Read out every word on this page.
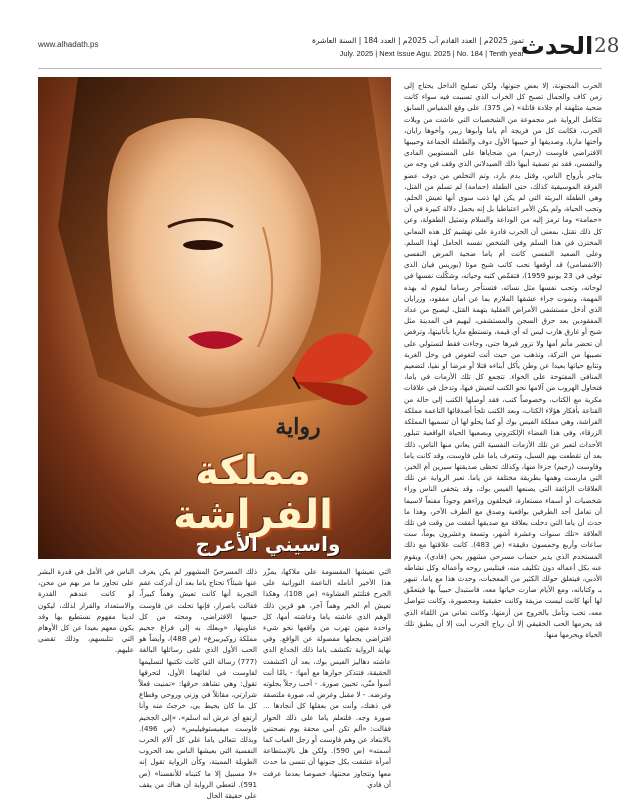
www.alhadath.ps	تموز 2025م | العدد القادم آب 2025م | العدد 184 | السنة العاشرة
July. 2025 | Next Issue Agu. 2025 | No. 184 | Tenth year
الحدث 28
رواية
مملكة الفراشة
واسيني الأعرج

الحرب المجنونة، إلا بعض جنونها، ولكن تصليح الداخل يحتاج إلى زمن كاف والجمال تصبح كل الخراب الذي تسببت فيه سواء كانت ضحية متلهفة أم جلادة قاتلة» (ص 375). على وقع المقياس السابق تتكامل الرواية عبر مجموعة من الشخصيات التي عاشت من ويلات الحرب، فكانت كل من فريجة أم ياما وأبوها زبير، وأخوها رايان، وأختها ماريا، وصديقها أو حبيبها الأول دوف والطفلة الجماعة وحبيبها الافتراضي فاوست (رحيم) من ضحاياها على المستويين المادي والنفسي، فقد تم تصفية أبيها ذلك الصيدلاني الذي وقف في وجه من يتاجر بأرواح الناس، وقتل بدم بارد، وتم التخلص من دوف عضو الفرقة الموسيقية كذلك، حتى الطفلة (حمامة) لم تسلم من القتل، وهي الطفلة البريئة التي لم يكن لها ذنب سوى أنها تعيش الحلم، وتحب الحياة، ولم يكن الأمر اعتباطيا بل إنه يحمل دلالة كبيرة في أن «حمامة» وما ترمز إليه من الوداعة والسلام وتمثيل الطفولة، وعن كل ذلك تقتل، بمعنى أن الحرب قادرة على تهشيم كل هذه المعاني المختزن في هذا السلم وفي الشخص نفسه الحامل لهذا السلم. وعلى الصعيد النفسي كانت أم ياما ضحية المرض النفسي (الانفصامي) قد أوقعها نحب كاتب شبح موتا (بوريس فيان الذي توفي في 23 يونيو 1959)، فتقمّص كتبه وحياته، وشكّلت نفسها في لوحاته، وتحب نفسها مثل نسائه، فتستأجر رساما ليقوم له بهذه المهمة، وتموت جراء عشقها الملازم بما عن أمان مفقود، وزرايان الذي أدخل مستشفى الأمراض العقلية بتهمة القتل، ليصبح من عداد المفقودين بعد حرق السجن والمستشفى، ليهيم في المدينة مثل شبح أو غارق هارب ليس له أي قيمة، وتستطع ماريا بأنانيتها، وترفض أن تحضر مأتم أمها ولا تزور قبرها حتى، وجاءت فقط لتستولي على نصيبها من التركة، وتذهب من حيث أتت لتغوص في وحل الغربة وتتابع حياتها بعيدا عن وطن يأكل أبناءه قتلا أو مرضا أو نفيا، لتضعيم المنافي المفتوحة على الخواء. تتجمع كل تلك الأزمات في ياما، فتحاول الهروب من آلامها نحو الكتب لتعيش فيها، وتدخل في علاقات مكرية مع الكتاب، وخصوصاً كتب، فقد أوصلها الكتب إلى حالة من القناعة بأفكار هؤلاء الكتاب، وبعد الكتب تلجأ أصدقائها الناعمة مملكة الفراشة، وهي مملكة الفيس بوك أو كما يحلو لها أن تسميها المملكة الزرقاء، وفي هذا الفضاء الإلكتروني وبصعبها الحياة الواقعية تتبلور الأحداث لتعبر عن تلك الأزمات النفسية التي يعاني منها الناس، ذلك بعد أن تقطعت بهم السبل، وتتعرف ياما على فاوست، وقد كانت ياما وفاوست (رحيم) جزءا منها، وكذلك تحظى صديقتها سيرين أم الخير، التي مارست وهمها بطريقة مختلفة عن ياما. تعبر الرواية عن تلك العلاقات الزائفة التي يصنعها الفيس بوك، وقد يتخفى الناس وراء شخصيات أو أسماء مستعارة، فيخلقون وراءهم وجوداً مقنعاً لاسيما أن تعامل أحد الطرفين بواقعية وصدق مع الطرف الآخر، وهذا ما حدث أن ياما التي دخلت بعلاقة مع صديقها أنفقت من وقت في تلك العلاقة «تلك سنوات وعشرة أشهر، وتسعة وعشرون يوماً، ست ساعات وأربع وخمسون دقيقة» (ص 483). كانت علاقتها مع ذلك المستخدم الذي يدير حساب مسرحي مشهور بحي (فادي)، ويقوم عنه بكل أعماله دون تكليف منه، فيتلبس روحه وأعماله وكل نشاطه الأدبي، فيتعلق حولك الكثير من المعجبات، وحدث هذا مع ياما، تنبهر بـ وكتاباته، ومع الأيام صارت حياتها معه، فاستبدل حبيباً بها فيتعمّق لها أنها كانت ليست مزيفة وكانت حقيقية ومحصورة، وكانت تتواصل معه، تحب وتأمل بالخروج من أزمتها، وكانت تعاني من اللقاء الذي قد يحرمها الحب الحقيقي إلا أن رياح الحرب أبت إلا أن يطبق تلك الحياة ويحرمها منها.

التي تعيشها المقسومة على ملاكها، يمزّر هذا الأخير أنامله الناعمة النورانية على الجرح فتلتئم الغشاوة» (ص 108)، وهكذا تعيش أم الخير وهماً آخر، هو قرين ذلك الوهم الذي عاشته ياما وعاشته أمها، كل واحدة منهن تهرب من واقعها نحو شيء افتراضي يجعلها مفصولة عن الواقع. وفي نهاية الرواية تكتشف ياما ذلك الخداع الذي عاشته دهاليز الفيس بوك، بعد أن اكتشفت الحقيقة، فتتذكر حوارها مع أمها: - يامّا أنت أسوأ منّي، تحبين صورة. - أحب رجلاً بحلوته وغرضه. - لا مقبل وغرض له، صورة ملتصقة في ذهنك، وأنت من بعقلها كل أنجادها ... صورة وجه. فلتعلم ياما على ذلك الحوار فقالت: «ألم تكن أمي محقة يوم نصحتني بالابتعاد عن وهم فاوست أو رجل الغياب كما أسمته» (ص 590). ولكن هل بالإستطاعة أمرأة عشقت بكل جنونها أن تنسى ما حدث معها وتتجاوز محنتها، خصوصا بعدما عرفت أن فادي

ذلك المسرحيّ المشهور لم يكن يعرف عنها شيئاً؟ تحتاج ياما بعد أن أدركت عقم التجربة أنها كانت تعيش وهماً كبيراً، فقالت باصرار، فإنها تحلت عن فاوست حبيبها الافتراضي، ومحته من كل عناوينها، «وبعلك به إلى فراغ جحيم مملكة زوكيربيرغ» (ص 488)، وأيضاً هو الحب الأول الذي تلقى رسائلها البالغة (777) رسالة التي كانت تكتبها لتسليمها لفاوست في لقائهما الأول، لتحرقها تقول: وهي تشاهد حرقها: «تمنيت فعلاً شرارتي، مقاتلاً في وزني وروحي وقطاع كل ما كان يحيط بي، خرجتُ منه وأنا أرتفع أي عرش أنه اسلم»، «إلى الجحيم فاوست ميفيستوفيليس» (ص 496). وبذلك تتعالى ياما على كل آلام الحرب النفسية التي يعيشها الناس بعد الحروب الطويلة المميتة، وكأن الرواية تقول إنه «لا مسبيل إلا ما كتبناه للأنفسنا» (ص 591). لتعطي الرواية أن هناك من يقف على حقيقة الحال

الناس في الأمل في قدرة البشر على تجاوز ما مر بهم من محن، لو كانت عندهم القدرة والاستعداد والقرار لذلك، ليكون لدينا مفهوم نستطيع بها وقد يكون معهم بعيدا عن كل الأوهام التي تتلبسهم، وذلك تقضي عليهم.
